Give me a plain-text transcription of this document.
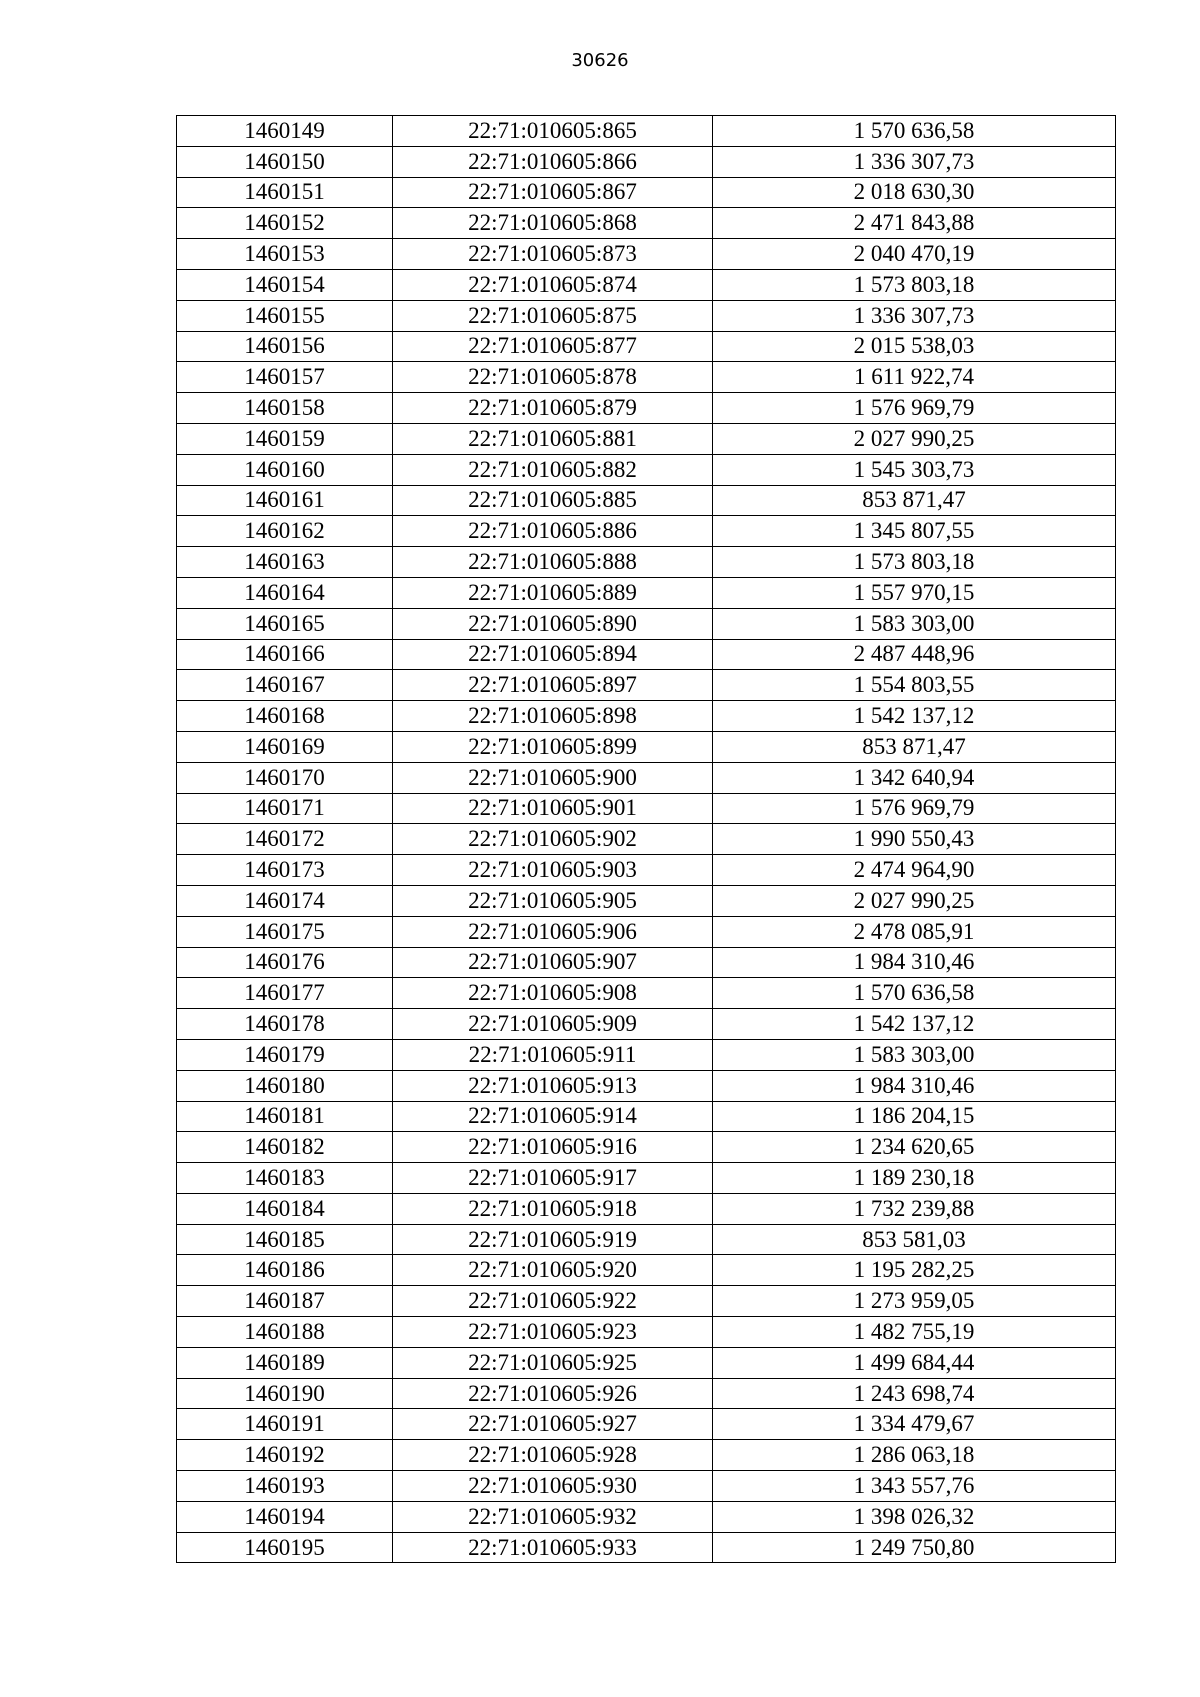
30626
1460149	22:71:010605:865	1 570 636,58
1460150	22:71:010605:866	1 336 307,73
1460151	22:71:010605:867	2 018 630,30
1460152	22:71:010605:868	2 471 843,88
1460153	22:71:010605:873	2 040 470,19
1460154	22:71:010605:874	1 573 803,18
1460155	22:71:010605:875	1 336 307,73
1460156	22:71:010605:877	2 015 538,03
1460157	22:71:010605:878	1 611 922,74
1460158	22:71:010605:879	1 576 969,79
1460159	22:71:010605:881	2 027 990,25
1460160	22:71:010605:882	1 545 303,73
1460161	22:71:010605:885	853 871,47
1460162	22:71:010605:886	1 345 807,55
1460163	22:71:010605:888	1 573 803,18
1460164	22:71:010605:889	1 557 970,15
1460165	22:71:010605:890	1 583 303,00
1460166	22:71:010605:894	2 487 448,96
1460167	22:71:010605:897	1 554 803,55
1460168	22:71:010605:898	1 542 137,12
1460169	22:71:010605:899	853 871,47
1460170	22:71:010605:900	1 342 640,94
1460171	22:71:010605:901	1 576 969,79
1460172	22:71:010605:902	1 990 550,43
1460173	22:71:010605:903	2 474 964,90
1460174	22:71:010605:905	2 027 990,25
1460175	22:71:010605:906	2 478 085,91
1460176	22:71:010605:907	1 984 310,46
1460177	22:71:010605:908	1 570 636,58
1460178	22:71:010605:909	1 542 137,12
1460179	22:71:010605:911	1 583 303,00
1460180	22:71:010605:913	1 984 310,46
1460181	22:71:010605:914	1 186 204,15
1460182	22:71:010605:916	1 234 620,65
1460183	22:71:010605:917	1 189 230,18
1460184	22:71:010605:918	1 732 239,88
1460185	22:71:010605:919	853 581,03
1460186	22:71:010605:920	1 195 282,25
1460187	22:71:010605:922	1 273 959,05
1460188	22:71:010605:923	1 482 755,19
1460189	22:71:010605:925	1 499 684,44
1460190	22:71:010605:926	1 243 698,74
1460191	22:71:010605:927	1 334 479,67
1460192	22:71:010605:928	1 286 063,18
1460193	22:71:010605:930	1 343 557,76
1460194	22:71:010605:932	1 398 026,32
1460195	22:71:010605:933	1 249 750,80
